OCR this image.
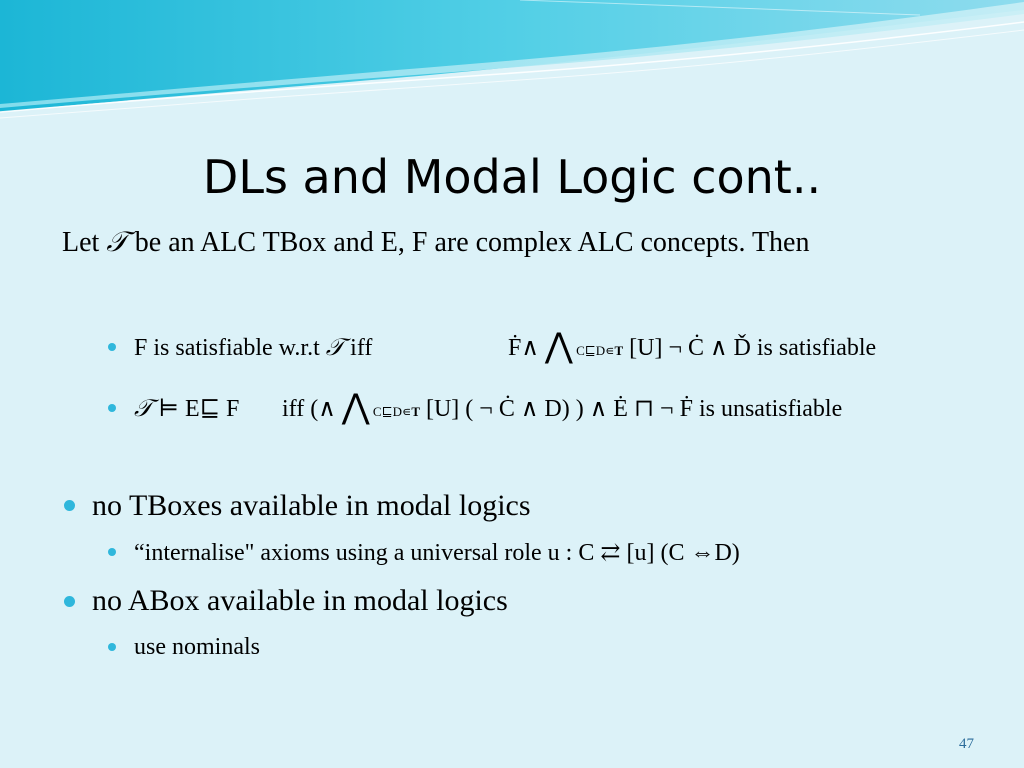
DLs and Modal Logic cont..
Let 𝒯 be an ALC TBox and E, F are complex ALC concepts. Then
F is satisfiable w.r.t 𝒯 iff	Ḟ∧ ⋀ C⊑D∊T [U] ¬ Ċ ∧ Ď is satisfiable
𝒯 ⊨ E⊑ F iff (∧ ⋀ C⊑D∊T [U] ( ¬ Ċ ∧ D) ) ∧ Ė ⊓ ¬ Ḟ is unsatisfiable
no TBoxes available in modal logics
“internalise" axioms using a universal role u : C ⇄ [u] (C ⇔D)
no ABox available in modal logics
use nominals
47
